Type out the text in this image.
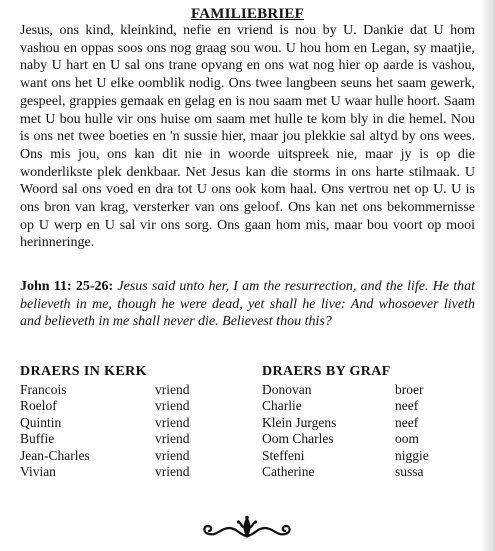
FAMILIEBRIEF

Jesus, ons kind, kleinkind, nefie en vriend is nou by U. Dankie dat U hom vashou en oppas soos ons nog graag sou wou. U hou hom en Legan, sy maatjie, naby U hart en U sal ons trane opvang en ons wat nog hier op aarde is vashou, want ons het U elke oomblik nodig. Ons twee langbeen seuns het saam gewerk, gespeel, grappies gemaak en gelag en is nou saam met U waar hulle hoort. Saam met U bou hulle vir ons huise om saam met hulle te kom bly in die hemel. Nou is ons net twee boeties en 'n sussie hier, maar jou plekkie sal altyd by ons wees. Ons mis jou, ons kan dit nie in woorde uitspreek nie, maar jy is op die wonderlikste plek denkbaar. Net Jesus kan die storms in ons harte stilmaak. U Woord sal ons voed en dra tot U ons ook kom haal. Ons vertrou net op U. U is ons bron van krag, versterker van ons geloof. Ons kan net ons bekommernisse op U werp en U sal vir ons sorg. Ons gaan hom mis, maar bou voort op mooi herinneringe.

John 11: 25-26: Jesus said unto her, I am the resurrection, and the life. He that believeth in me, though he were dead, yet shall he live: And whosoever liveth and believeth in me shall never die. Believest thou this?

DRAERS IN KERK
Francois	vriend
Roelof	vriend
Quintin	vriend
Buffie	vriend
Jean-Charles	vriend
Vivian	vriend
DRAERS BY GRAF
Donovan	broer
Charlie	neef
Klein Jurgens	neef
Oom Charles	oom
Steffeni	niggie
Catherine	sussa
